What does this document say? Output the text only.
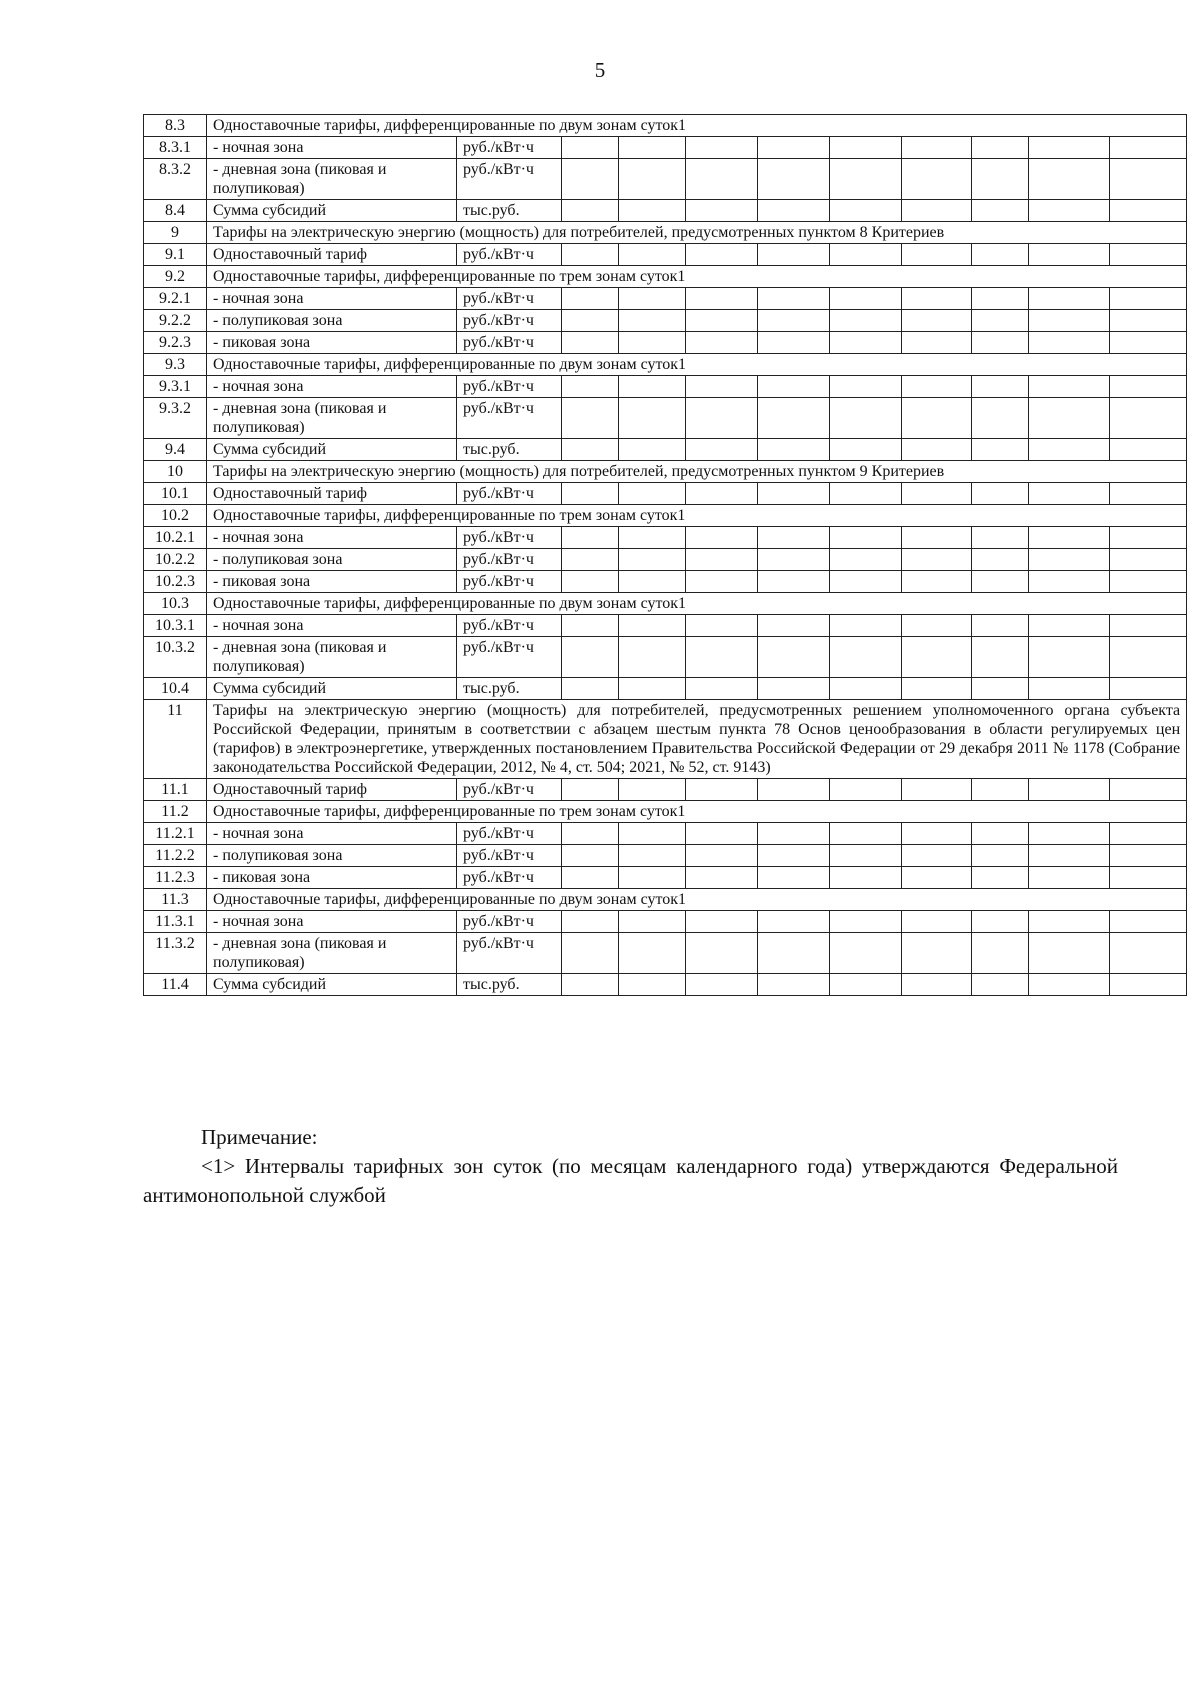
5
8.3	Одноставочные тарифы, дифференцированные по двум зонам суток1										
8.3.1	- ночная зона	руб./кВт·ч									
8.3.2	- дневная зона (пиковая и полупиковая)	руб./кВт·ч									
8.4	Сумма субсидий	тыс.руб.									
9	Тарифы на электрическую энергию (мощность) для потребителей, предусмотренных пунктом 8 Критериев										
9.1	Одноставочный тариф	руб./кВт·ч									
9.2	Одноставочные тарифы, дифференцированные по трем зонам суток1										
9.2.1	- ночная зона	руб./кВт·ч									
9.2.2	- полупиковая зона	руб./кВт·ч									
9.2.3	- пиковая зона	руб./кВт·ч									
9.3	Одноставочные тарифы, дифференцированные по двум зонам суток1										
9.3.1	- ночная зона	руб./кВт·ч									
9.3.2	- дневная зона (пиковая и полупиковая)	руб./кВт·ч									
9.4	Сумма субсидий	тыс.руб.									
10	Тарифы на электрическую энергию (мощность) для потребителей, предусмотренных пунктом 9 Критериев										
10.1	Одноставочный тариф	руб./кВт·ч									
10.2	Одноставочные тарифы, дифференцированные по трем зонам суток1										
10.2.1	- ночная зона	руб./кВт·ч									
10.2.2	- полупиковая зона	руб./кВт·ч									
10.2.3	- пиковая зона	руб./кВт·ч									
10.3	Одноставочные тарифы, дифференцированные по двум зонам суток1										
10.3.1	- ночная зона	руб./кВт·ч									
10.3.2	- дневная зона (пиковая и полупиковая)	руб./кВт·ч									
10.4	Сумма субсидий	тыс.руб.									
11	Тарифы на электрическую энергию (мощность) для потребителей, предусмотренных решением уполномоченного органа субъекта Российской Федерации, принятым в соответствии с абзацем шестым пункта 78 Основ ценообразования в области регулируемых цен (тарифов) в электроэнергетике, утвержденных постановлением Правительства Российской Федерации от 29 декабря 2011 № 1178 (Собрание законодательства Российской Федерации, 2012, № 4, ст. 504; 2021, № 52, ст. 9143)										
11.1	Одноставочный тариф	руб./кВт·ч									
11.2	Одноставочные тарифы, дифференцированные по трем зонам суток1										
11.2.1	- ночная зона	руб./кВт·ч									
11.2.2	- полупиковая зона	руб./кВт·ч									
11.2.3	- пиковая зона	руб./кВт·ч									
11.3	Одноставочные тарифы, дифференцированные по двум зонам суток1										
11.3.1	- ночная зона	руб./кВт·ч									
11.3.2	- дневная зона (пиковая и полупиковая)	руб./кВт·ч									
11.4	Сумма субсидий	тыс.руб.									
Примечание:
<1> Интервалы тарифных зон суток (по месяцам календарного года) утверждаются Федеральной антимонопольной службой
